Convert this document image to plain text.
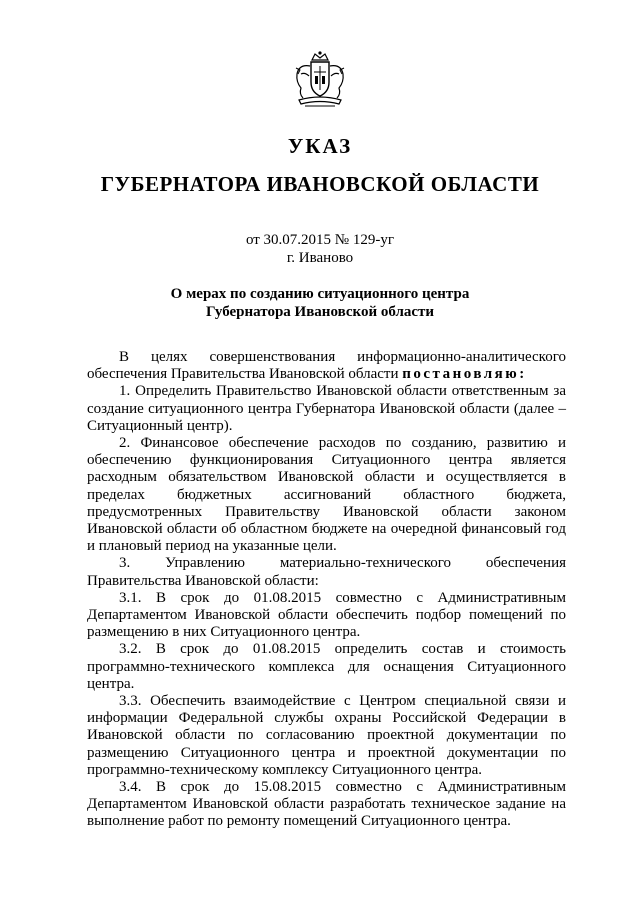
УКАЗ
ГУБЕРНАТОРА ИВАНОВСКОЙ ОБЛАСТИ
от 30.07.2015 № 129-уг
г. Иваново
О мерах по созданию ситуационного центра
Губернатора Ивановской области

В целях совершенствования информационно-аналитического обеспечения Правительства Ивановской области постановляю:

1. Определить Правительство Ивановской области ответственным за создание ситуационного центра Губернатора Ивановской области (далее – Ситуационный центр).

2. Финансовое обеспечение расходов по созданию, развитию и обеспечению функционирования Ситуационного центра является расходным обязательством Ивановской области и осуществляется в пределах бюджетных ассигнований областного бюджета, предусмотренных Правительству Ивановской области законом Ивановской области об областном бюджете на очередной финансовый год и плановый период на указанные цели.

3. Управлению материально-технического обеспечения Правительства Ивановской области:

3.1. В срок до 01.08.2015 совместно с Административным Департаментом Ивановской области обеспечить подбор помещений по размещению в них Ситуационного центра.

3.2. В срок до 01.08.2015 определить состав и стоимость программно-технического комплекса для оснащения Ситуационного центра.

3.3. Обеспечить взаимодействие с Центром специальной связи и информации Федеральной службы охраны Российской Федерации в Ивановской области по согласованию проектной документации по размещению Ситуационного центра и проектной документации по программно-техническому комплексу Ситуационного центра.

3.4. В срок до 15.08.2015 совместно с Административным Департаментом Ивановской области разработать техническое задание на выполнение работ по ремонту помещений Ситуационного центра.
